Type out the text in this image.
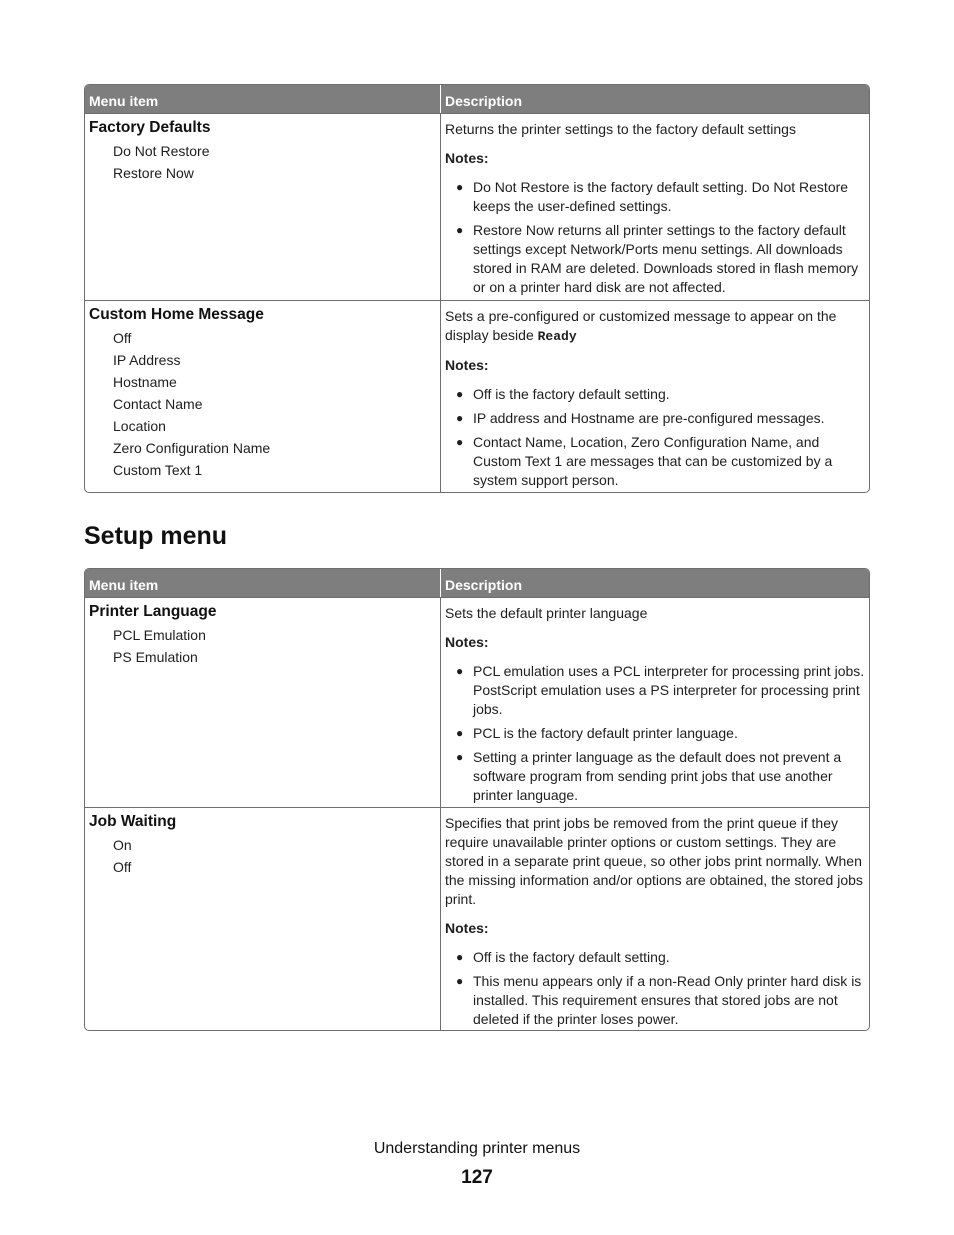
Menu item	Description
Factory Defaults
Do Not Restore
Restore Now
Returns the printer settings to the factory default settings
Notes:
● Do Not Restore is the factory default setting. Do Not Restore keeps the user-defined settings.
● Restore Now returns all printer settings to the factory default settings except Network/Ports menu settings. All downloads stored in RAM are deleted. Downloads stored in flash memory or on a printer hard disk are not affected.
Custom Home Message
Off
IP Address
Hostname
Contact Name
Location
Zero Configuration Name
Custom Text 1
Sets a pre-configured or customized message to appear on the display beside Ready
Notes:
● Off is the factory default setting.
● IP address and Hostname are pre-configured messages.
● Contact Name, Location, Zero Configuration Name, and Custom Text 1 are messages that can be customized by a system support person.
Setup menu
Menu item	Description
Printer Language
PCL Emulation
PS Emulation
Sets the default printer language
Notes:
● PCL emulation uses a PCL interpreter for processing print jobs. PostScript emulation uses a PS interpreter for processing print jobs.
● PCL is the factory default printer language.
● Setting a printer language as the default does not prevent a software program from sending print jobs that use another printer language.
Job Waiting
On
Off
Specifies that print jobs be removed from the print queue if they require unavailable printer options or custom settings. They are stored in a separate print queue, so other jobs print normally. When the missing information and/or options are obtained, the stored jobs print.
Notes:
● Off is the factory default setting.
● This menu appears only if a non-Read Only printer hard disk is installed. This requirement ensures that stored jobs are not deleted if the printer loses power.
Understanding printer menus
127
